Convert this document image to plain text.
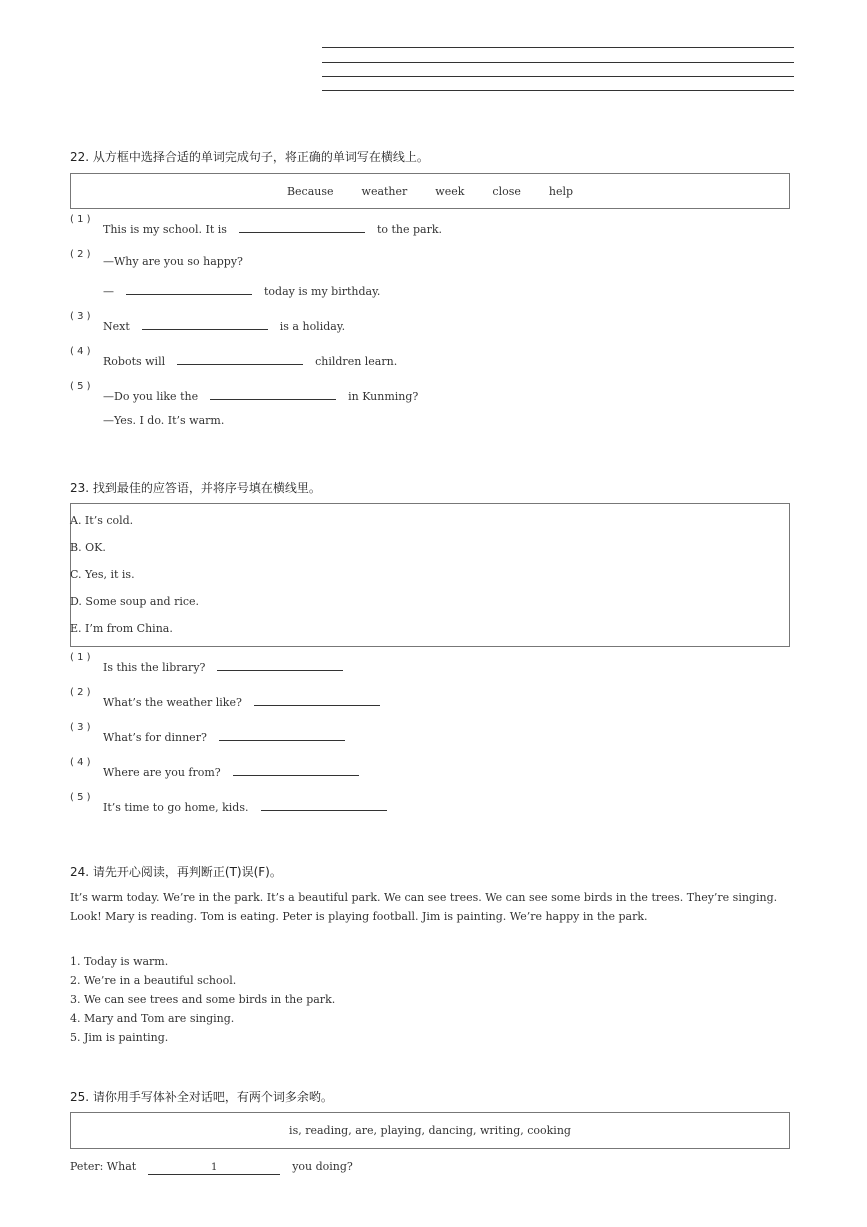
22. 从方框中选择合适的单词完成句子，将正确的单词写在横线上。
Because	weather	week	close	help
( 1 )
This is my school. It is	to the park.
( 2 )
—Why are you so happy?
—	today is my birthday.
( 3 )
Next	is a holiday.
( 4 )
Robots will	children learn.
( 5 )
—Do you like the	in Kunming?
—Yes. I do. It’s warm.
23. 找到最佳的应答语，并将序号填在横线里。
A. It’s cold.
B. OK.
C. Yes, it is.
D. Some soup and rice.
E. I’m from China.
( 1 )
Is this the library?
( 2 )
What’s the weather like?
( 3 )
What’s for dinner?
( 4 )
Where are you from?
( 5 )
It’s time to go home, kids.
24. 请先开心阅读，再判断正(T)误(F)。
It’s warm today. We’re in the park. It’s a beautiful park. We can see trees. We can see some birds in the trees. They’re singing. Look! Mary is reading. Tom is eating. Peter is playing football. Jim is painting. We’re happy in the park.
1. Today is warm.
2. We’re in a beautiful school.
3. We can see trees and some birds in the park.
4. Mary and Tom are singing.
5. Jim is painting.
25. 请你用手写体补全对话吧，有两个词多余哟。
is, reading, are, playing, dancing, writing, cooking
Peter: What	1	you doing?
